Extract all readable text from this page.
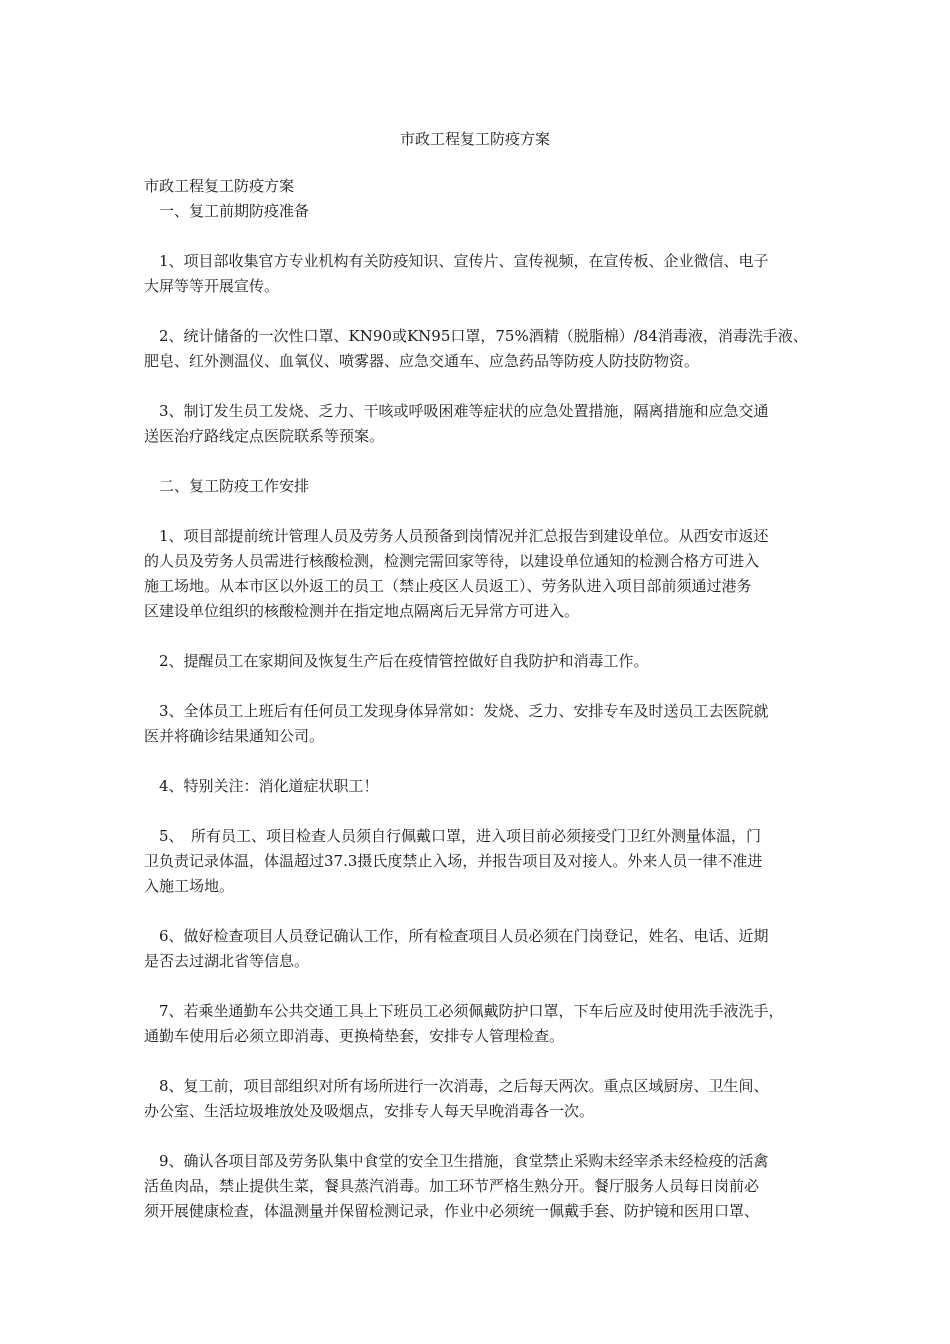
市政工程复工防疫方案
市政工程复工防疫方案
　一、复工前期防疫准备
　1、项目部收集官方专业机构有关防疫知识、宣传片、宣传视频，在宣传板、企业微信、电子
大屏等等开展宣传。
　2、统计储备的一次性口罩、KN90或KN95口罩，75%酒精（脱脂棉）/84消毒液，消毒洗手液、
肥皂、红外测温仪、血氧仪、喷雾器、应急交通车、应急药品等防疫人防技防物资。
　3、制订发生员工发烧、乏力、干咳或呼吸困难等症状的应急处置措施，隔离措施和应急交通
送医治疗路线定点医院联系等预案。
　二、复工防疫工作安排
　1、项目部提前统计管理人员及劳务人员预备到岗情况并汇总报告到建设单位。从西安市返还
的人员及劳务人员需进行核酸检测，检测完需回家等待，以建设单位通知的检测合格方可进入
施工场地。从本市区以外返工的员工（禁止疫区人员返工）、劳务队进入项目部前须通过港务
区建设单位组织的核酸检测并在指定地点隔离后无异常方可进入。
　2、提醒员工在家期间及恢复生产后在疫情管控做好自我防护和消毒工作。
　3、全体员工上班后有任何员工发现身体异常如：发烧、乏力、安排专车及时送员工去医院就
医并将确诊结果通知公司。
　4、特别关注：消化道症状职工！
　5、　所有员工、项目检查人员须自行佩戴口罩，进入项目前必须接受门卫红外测量体温，门
卫负责记录体温，体温超过37.3摄氏度禁止入场，并报告项目及对接人。外来人员一律不准进
入施工场地。
　6、做好检查项目人员登记确认工作，所有检查项目人员必须在门岗登记，姓名、电话、近期
是否去过湖北省等信息。
　7、若乘坐通勤车公共交通工具上下班员工必须佩戴防护口罩，下车后应及时使用洗手液洗手，
通勤车使用后必须立即消毒、更换椅垫套，安排专人管理检查。
　8、复工前，项目部组织对所有场所进行一次消毒，之后每天两次。重点区域厨房、卫生间、
办公室、生活垃圾堆放处及吸烟点，安排专人每天早晚消毒各一次。
　9、确认各项目部及劳务队集中食堂的安全卫生措施，食堂禁止采购未经宰杀未经检疫的活禽
活鱼肉品，禁止提供生菜，餐具蒸汽消毒。加工环节严格生熟分开。餐厅服务人员每日岗前必
须开展健康检查，体温测量并保留检测记录，作业中必须统一佩戴手套、防护镜和医用口罩、
